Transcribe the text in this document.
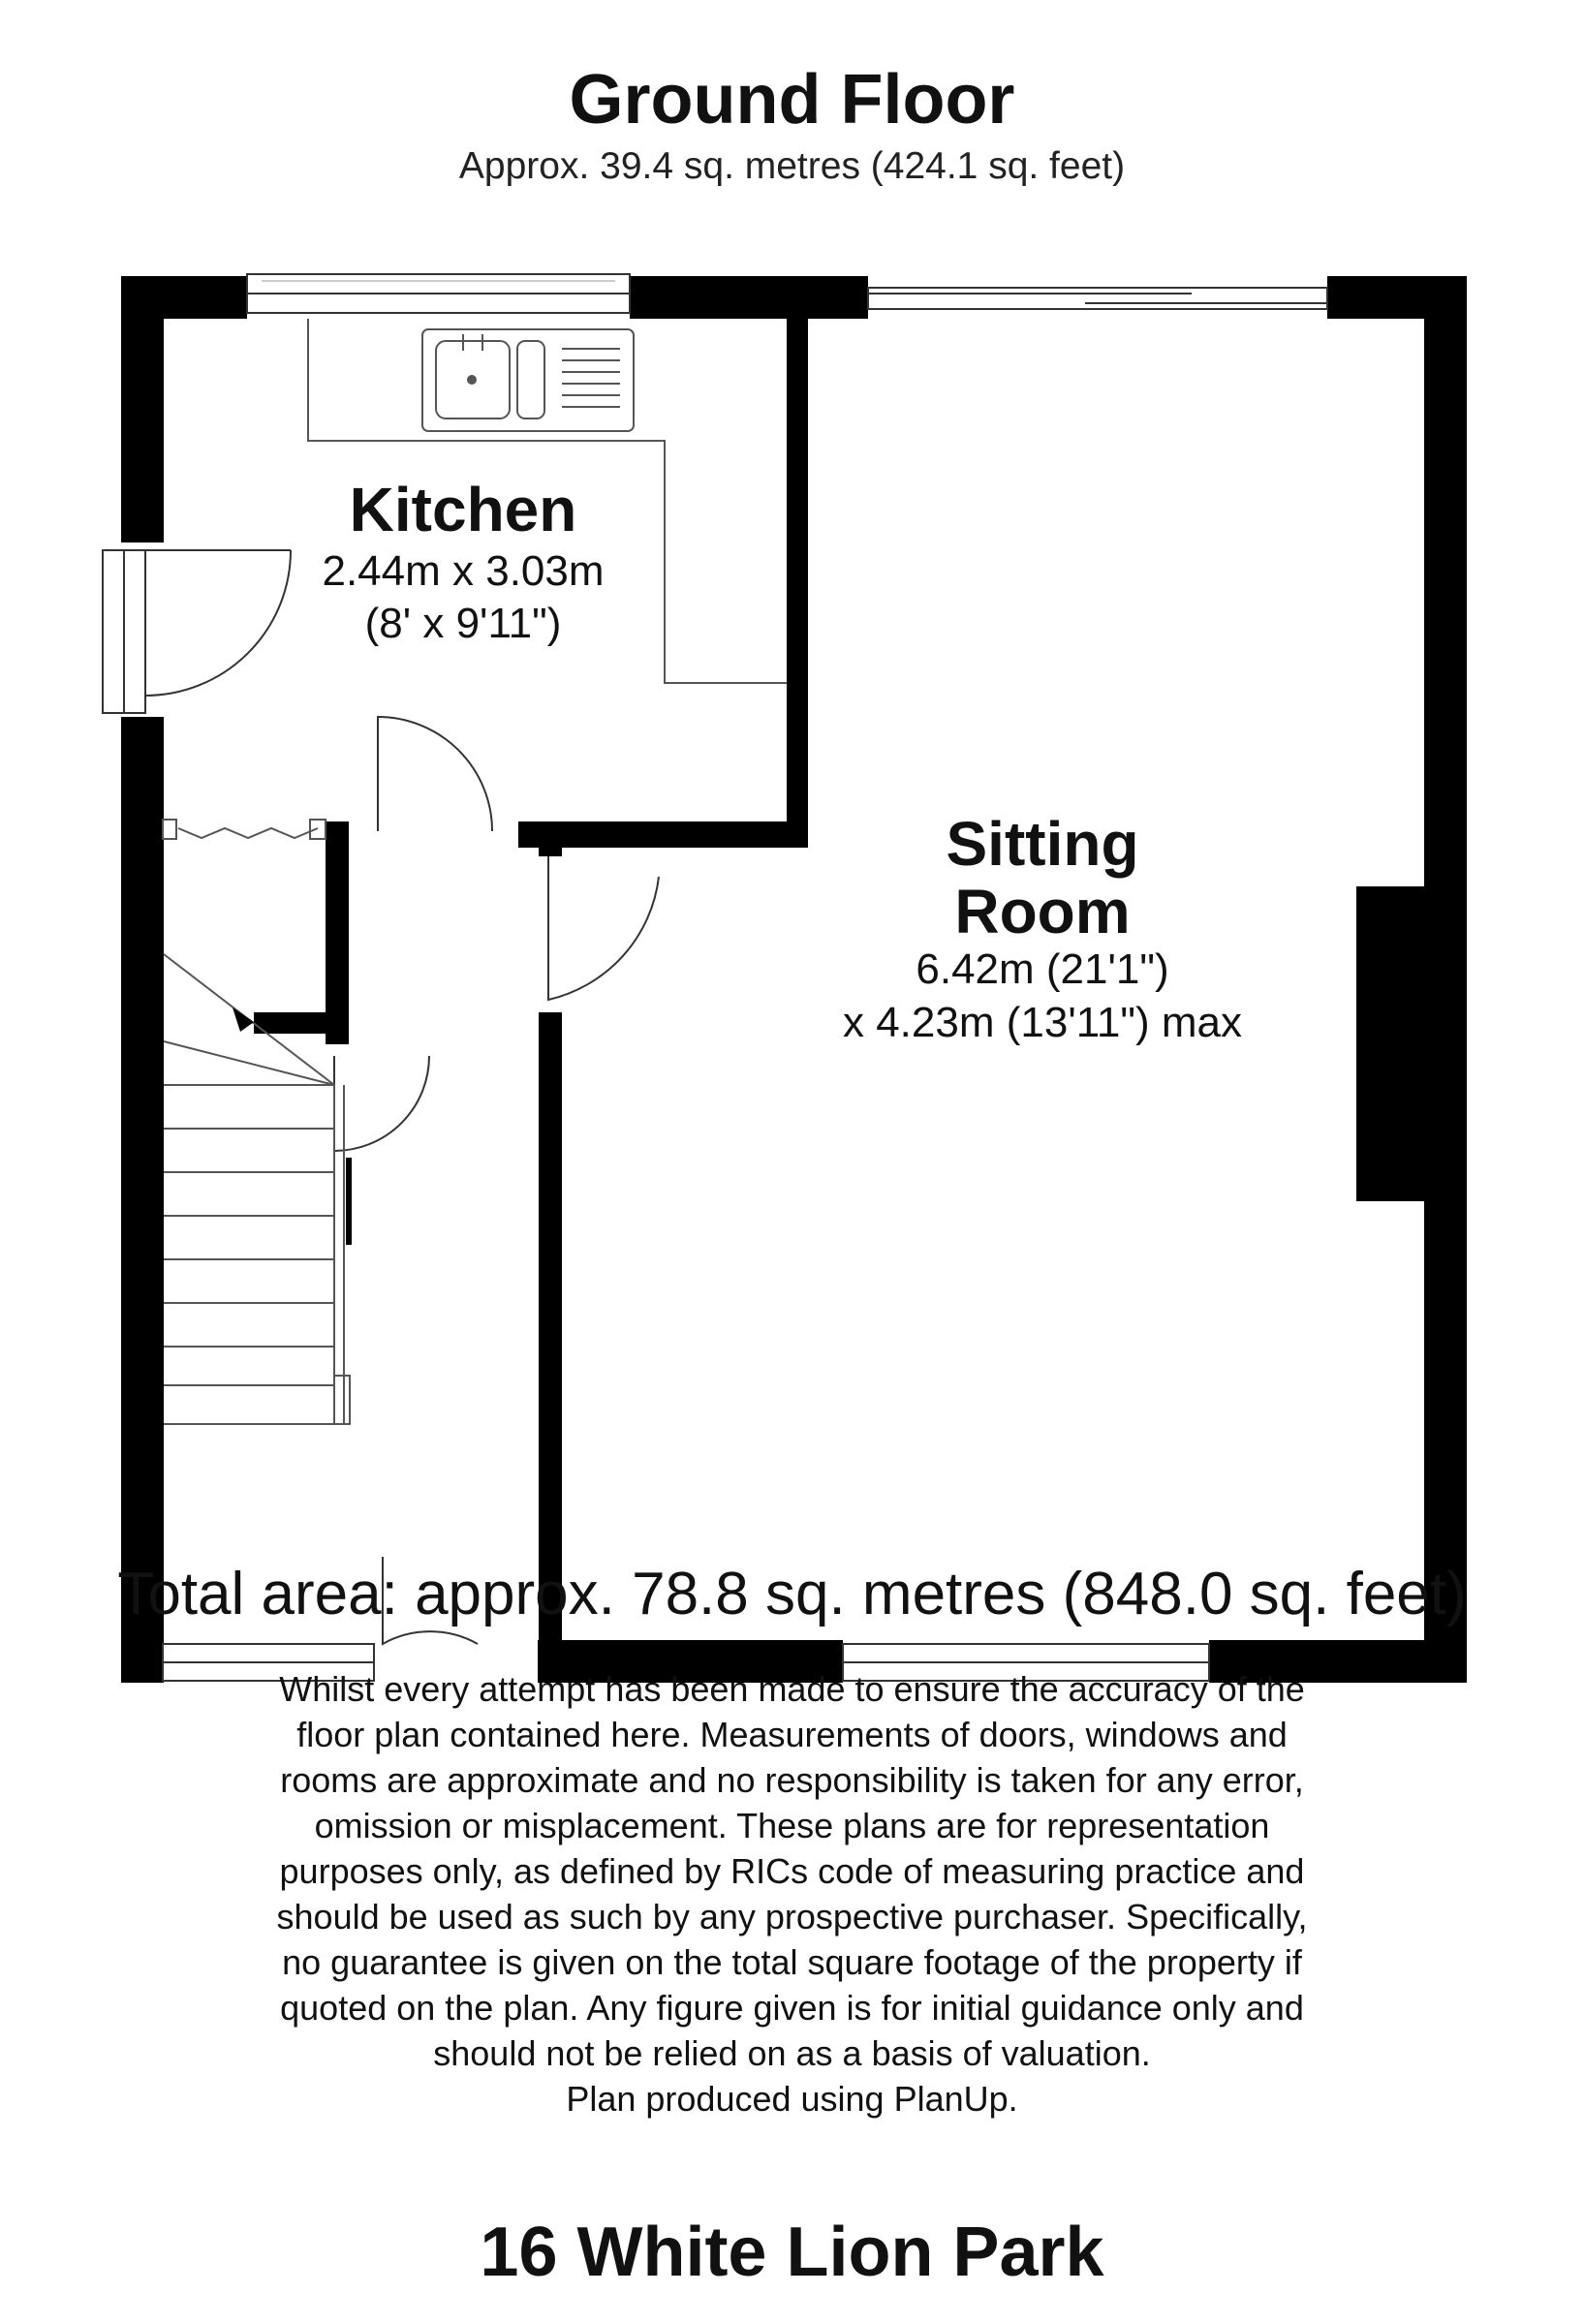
Ground Floor
Approx. 39.4 sq. metres (424.1 sq. feet)
Kitchen
2.44m x 3.03m
(8' x 9'11")
Sitting
Room
6.42m (21'1")
x 4.23m (13'11") max
Total area: approx. 78.8 sq. metres (848.0 sq. feet)
Whilst every attempt has been made to ensure the accuracy of the floor plan contained here. Measurements of doors, windows and rooms are approximate and no responsibility is taken for any error, omission or misplacement. These plans are for representation purposes only, as defined by RICs code of measuring practice and should be used as such by any prospective purchaser. Specifically, no guarantee is given on the total square footage of the property if quoted on the plan. Any figure given is for initial guidance only and should not be relied on as a basis of valuation.
Plan produced using PlanUp.
16 White Lion Park
